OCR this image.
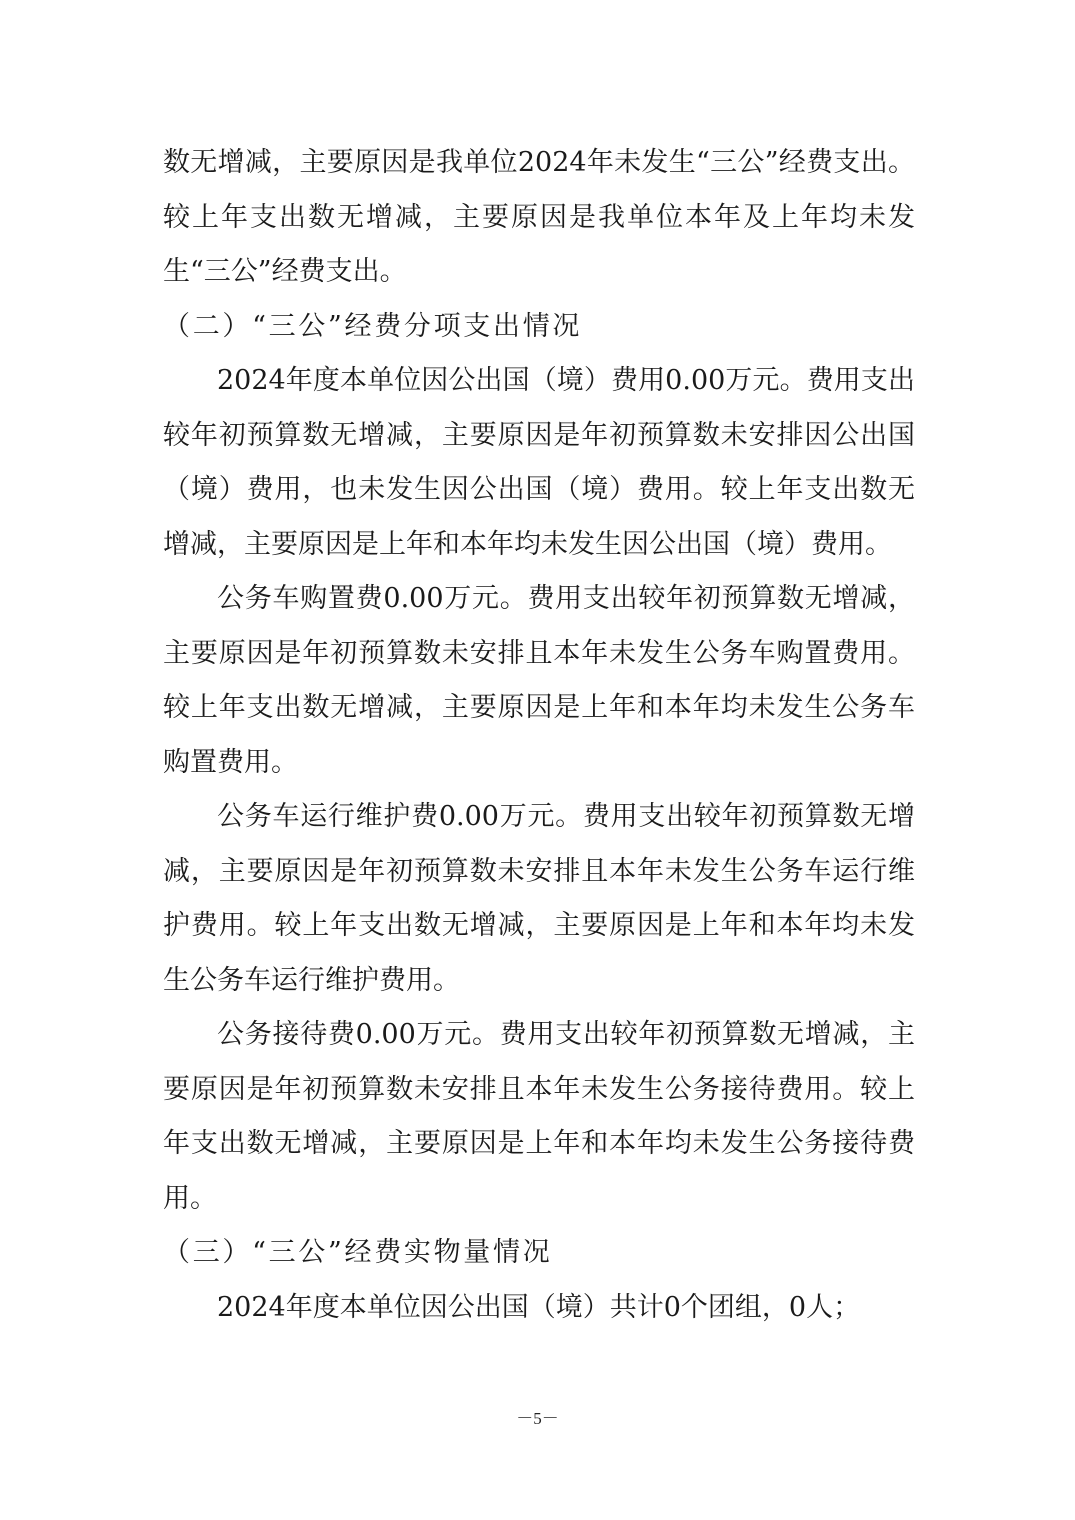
数无增减，主要原因是我单位2024年未发生“三公”经费支出。较上年支出数无增减，主要原因是我单位本年及上年均未发生“三公”经费支出。

（二）“三公”经费分项支出情况

2024年度本单位因公出国（境）费用0.00万元。费用支出较年初预算数无增减，主要原因是年初预算数未安排因公出国（境）费用，也未发生因公出国（境）费用。较上年支出数无增减，主要原因是上年和本年均未发生因公出国（境）费用。

公务车购置费0.00万元。费用支出较年初预算数无增减，主要原因是年初预算数未安排且本年未发生公务车购置费用。较上年支出数无增减，主要原因是上年和本年均未发生公务车购置费用。

公务车运行维护费0.00万元。费用支出较年初预算数无增减，主要原因是年初预算数未安排且本年未发生公务车运行维护费用。较上年支出数无增减，主要原因是上年和本年均未发生公务车运行维护费用。

公务接待费0.00万元。费用支出较年初预算数无增减，主要原因是年初预算数未安排且本年未发生公务接待费用。较上年支出数无增减，主要原因是上年和本年均未发生公务接待费用。

（三）“三公”经费实物量情况

2024年度本单位因公出国（境）共计0个团组，0人；

－5－
